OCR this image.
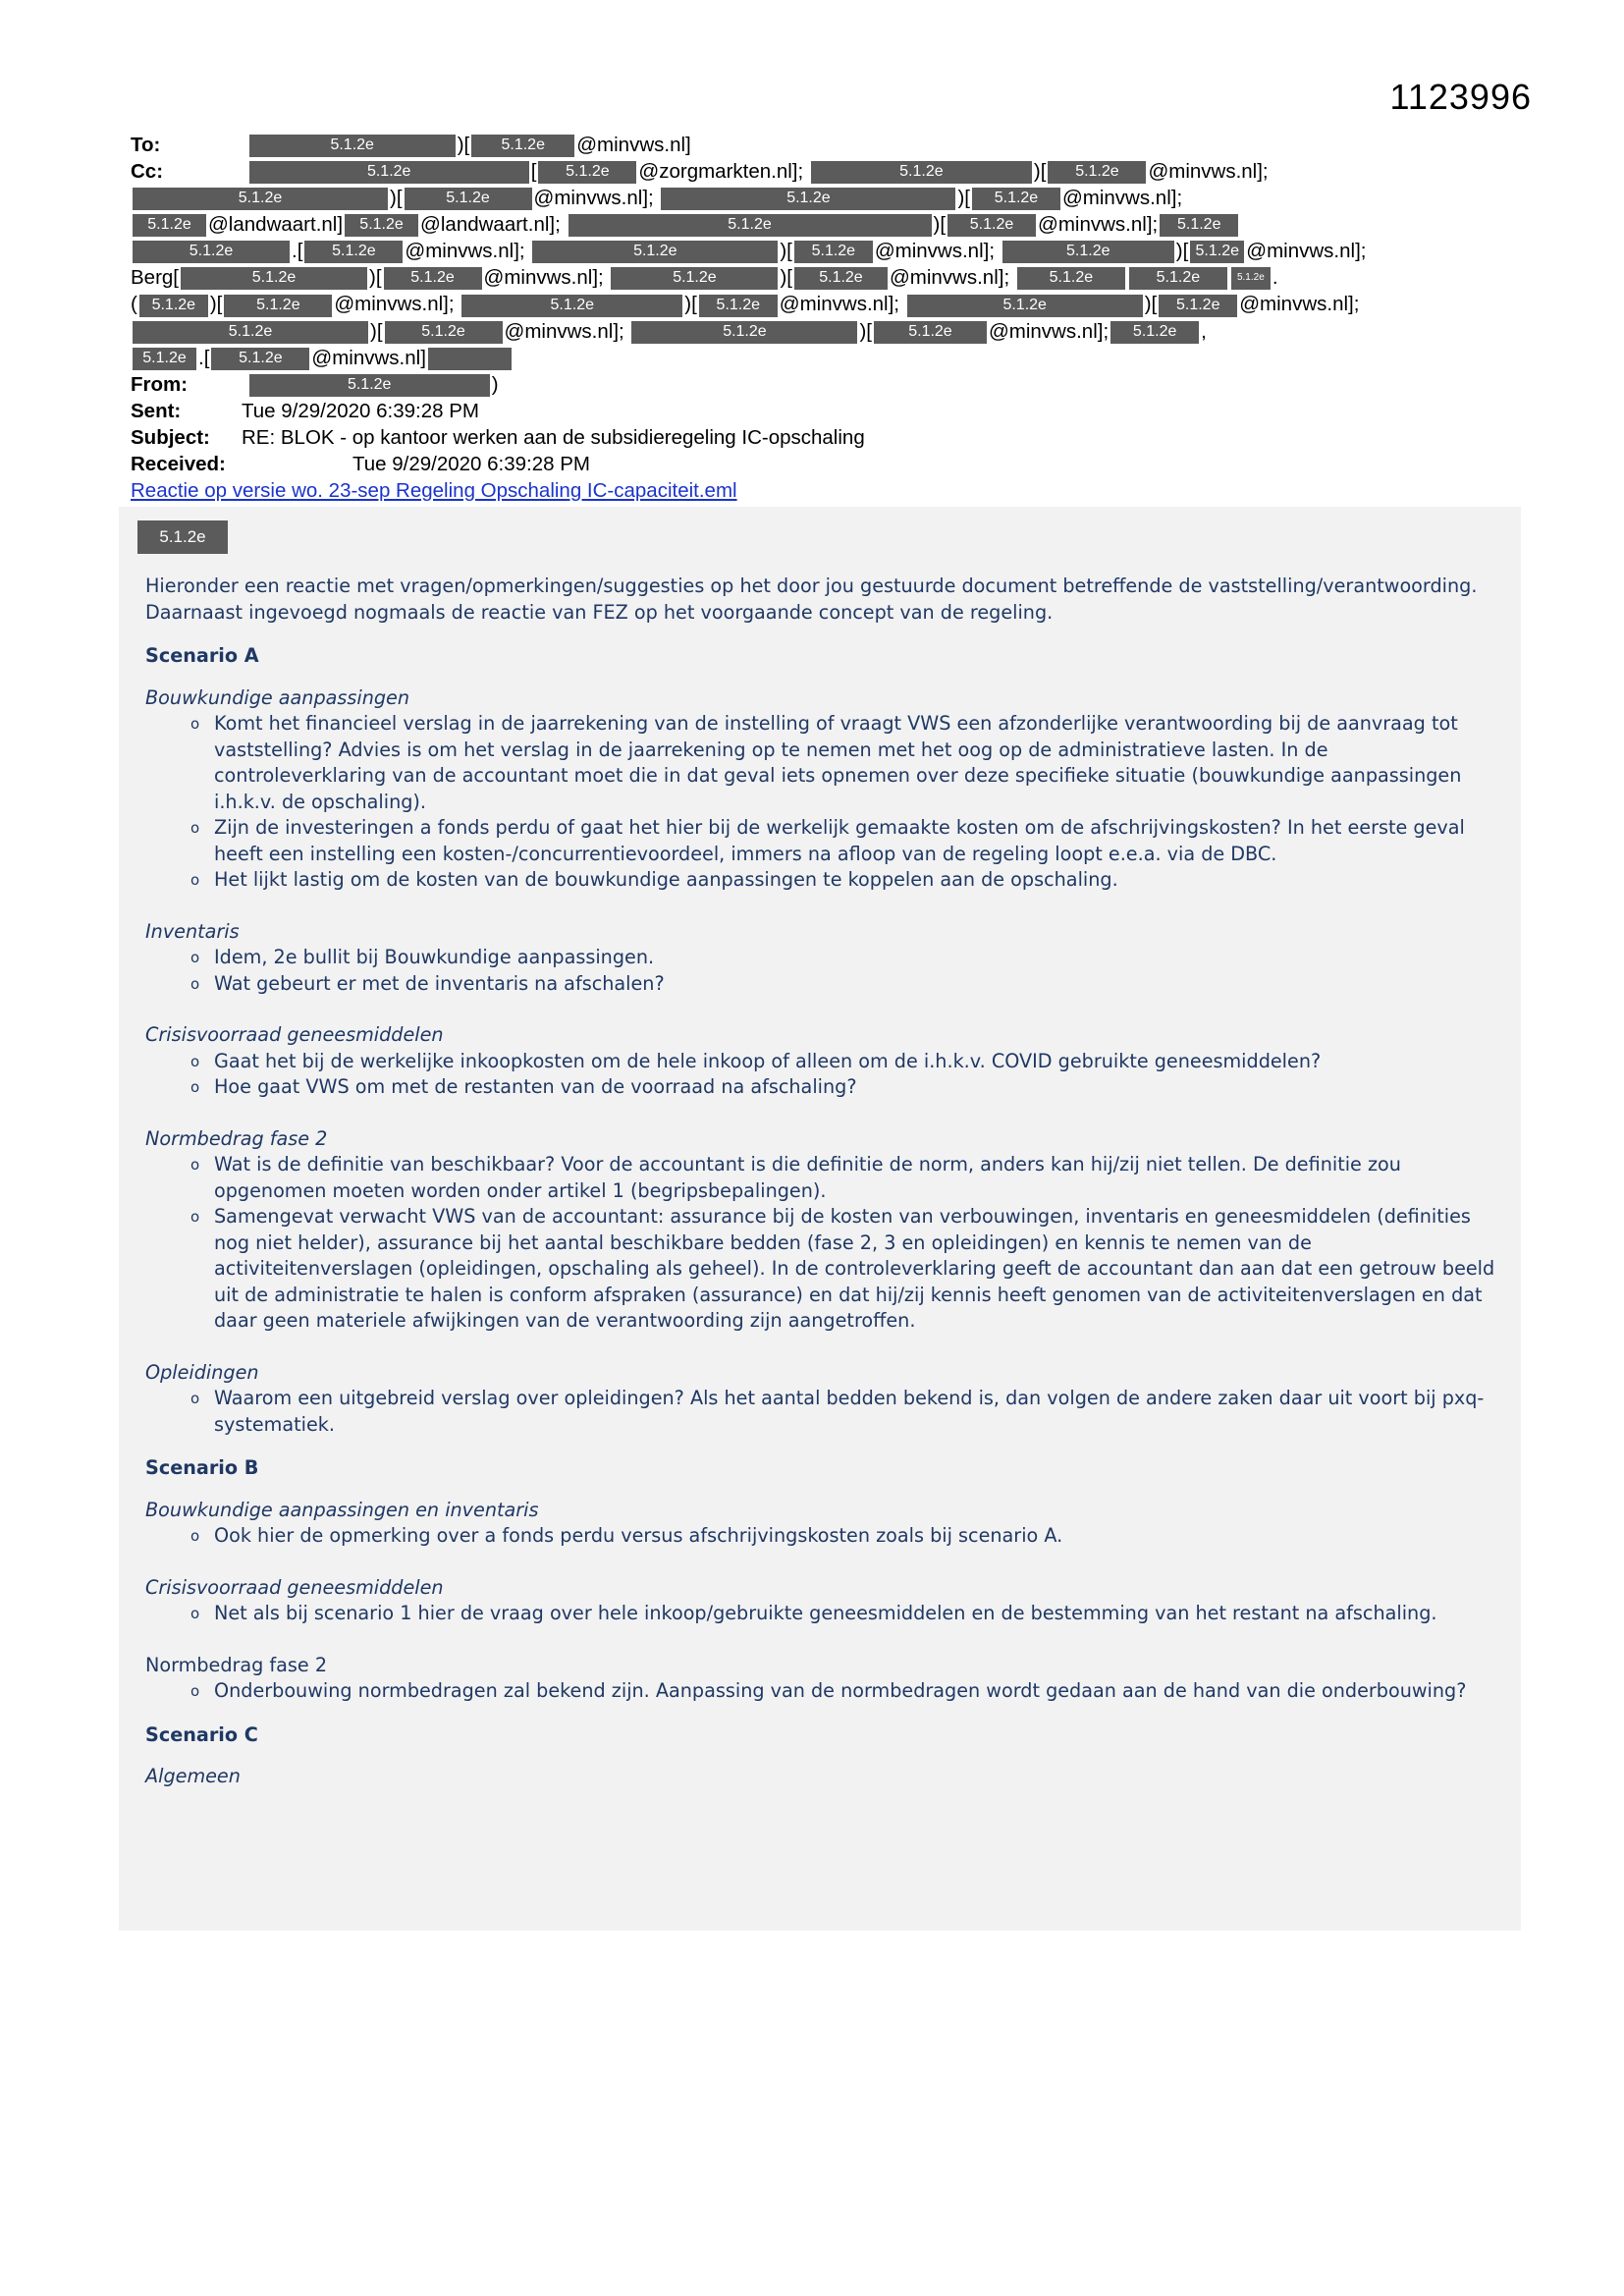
1123996
To:	5.1.2e	)[ 5.1.2e @minvws.nl]
Cc:	5.1.2e	[ 5.1.2e @zorgmarkten.nl];	5.1.2e	)[ 5.1.2e @minvws.nl];
5.1.2e	)[	5.1.2e @minvws.nl];	5.1.2e	)[ 5.1.2e @minvws.nl];
5.1.2e @landwaart.nl] 5.1.2e @landwaart.nl];	5.1.2e	)[ 5.1.2e @minvws.nl]; 5.1.2e
5.1.2e	.[ 5.1.2e @minvws.nl];	5.1.2e	)[ 5.1.2e @minvws.nl];	5.1.2e	)[ 5.1.2e @minvws.nl];
Berg[	5.1.2e	)[ 5.1.2e @minvws.nl];	5.1.2e	)[ 5.1.2e @minvws.nl];	5.1.2e	5.1.2e	5.1.2e .
( 5.1.2e )[ 5.1.2e @minvws.nl];	5.1.2e	)[ 5.1.2e @minvws.nl];	5.1.2e	)[ 5.1.2e @minvws.nl];
5.1.2e	)[ 5.1.2e @minvws.nl];	5.1.2e	)[ 5.1.2e @minvws.nl]; 5.1.2e ,
5.1.2e .[ 5.1.2e @minvws.nl]
From:	5.1.2e	)
Sent:	Tue 9/29/2020 6:39:28 PM
Subject: RE: BLOK - op kantoor werken aan de subsidieregeling IC-opschaling
Received:	Tue 9/29/2020 6:39:28 PM
Reactie op versie wo. 23-sep Regeling Opschaling IC-capaciteit.eml
5.1.2e

Hieronder een reactie met vragen/opmerkingen/suggesties op het door jou gestuurde document betreffende de vaststelling/verantwoording. Daarnaast ingevoegd nogmaals de reactie van FEZ op het voorgaande concept van de regeling.

Scenario A

Bouwkundige aanpassingen

o Komt het financieel verslag in de jaarrekening van de instelling of vraagt VWS een afzonderlijke verantwoording bij de aanvraag tot vaststelling? Advies is om het verslag in de jaarrekening op te nemen met het oog op de administratieve lasten. In de controleverklaring van de accountant moet die in dat geval iets opnemen over deze specifieke situatie (bouwkundige aanpassingen i.h.k.v. de opschaling).
o Zijn de investeringen a fonds perdu of gaat het hier bij de werkelijk gemaakte kosten om de afschrijvingskosten? In het eerste geval heeft een instelling een kosten-/concurrentievoordeel, immers na afloop van de regeling loopt e.e.a. via de DBC.
o Het lijkt lastig om de kosten van de bouwkundige aanpassingen te koppelen aan de opschaling.

Inventaris

o Idem, 2e bullit bij Bouwkundige aanpassingen.
o Wat gebeurt er met de inventaris na afschalen?

Crisisvoorraad geneesmiddelen

o Gaat het bij de werkelijke inkoopkosten om de hele inkoop of alleen om de i.h.k.v. COVID gebruikte geneesmiddelen?
o Hoe gaat VWS om met de restanten van de voorraad na afschaling?

Normbedrag fase 2

o Wat is de definitie van beschikbaar? Voor de accountant is die definitie de norm, anders kan hij/zij niet tellen. De definitie zou opgenomen moeten worden onder artikel 1 (begripsbepalingen).
o Samengevat verwacht VWS van de accountant: assurance bij de kosten van verbouwingen, inventaris en geneesmiddelen (definities nog niet helder), assurance bij het aantal beschikbare bedden (fase 2, 3 en opleidingen) en kennis te nemen van de activiteitenverslagen (opleidingen, opschaling als geheel). In de controleverklaring geeft de accountant dan aan dat een getrouw beeld uit de administratie te halen is conform afspraken (assurance) en dat hij/zij kennis heeft genomen van de activiteitenverslagen en dat daar geen materiele afwijkingen van de verantwoording zijn aangetroffen.

Opleidingen

o Waarom een uitgebreid verslag over opleidingen? Als het aantal bedden bekend is, dan volgen de andere zaken daar uit voort bij pxq-systematiek.

Scenario B

Bouwkundige aanpassingen en inventaris

o Ook hier de opmerking over a fonds perdu versus afschrijvingskosten zoals bij scenario A.

Crisisvoorraad geneesmiddelen

o Net als bij scenario 1 hier de vraag over hele inkoop/gebruikte geneesmiddelen en de bestemming van het restant na afschaling.

Normbedrag fase 2

o Onderbouwing normbedragen zal bekend zijn. Aanpassing van de normbedragen wordt gedaan aan de hand van die onderbouwing?

Scenario C

Algemeen
